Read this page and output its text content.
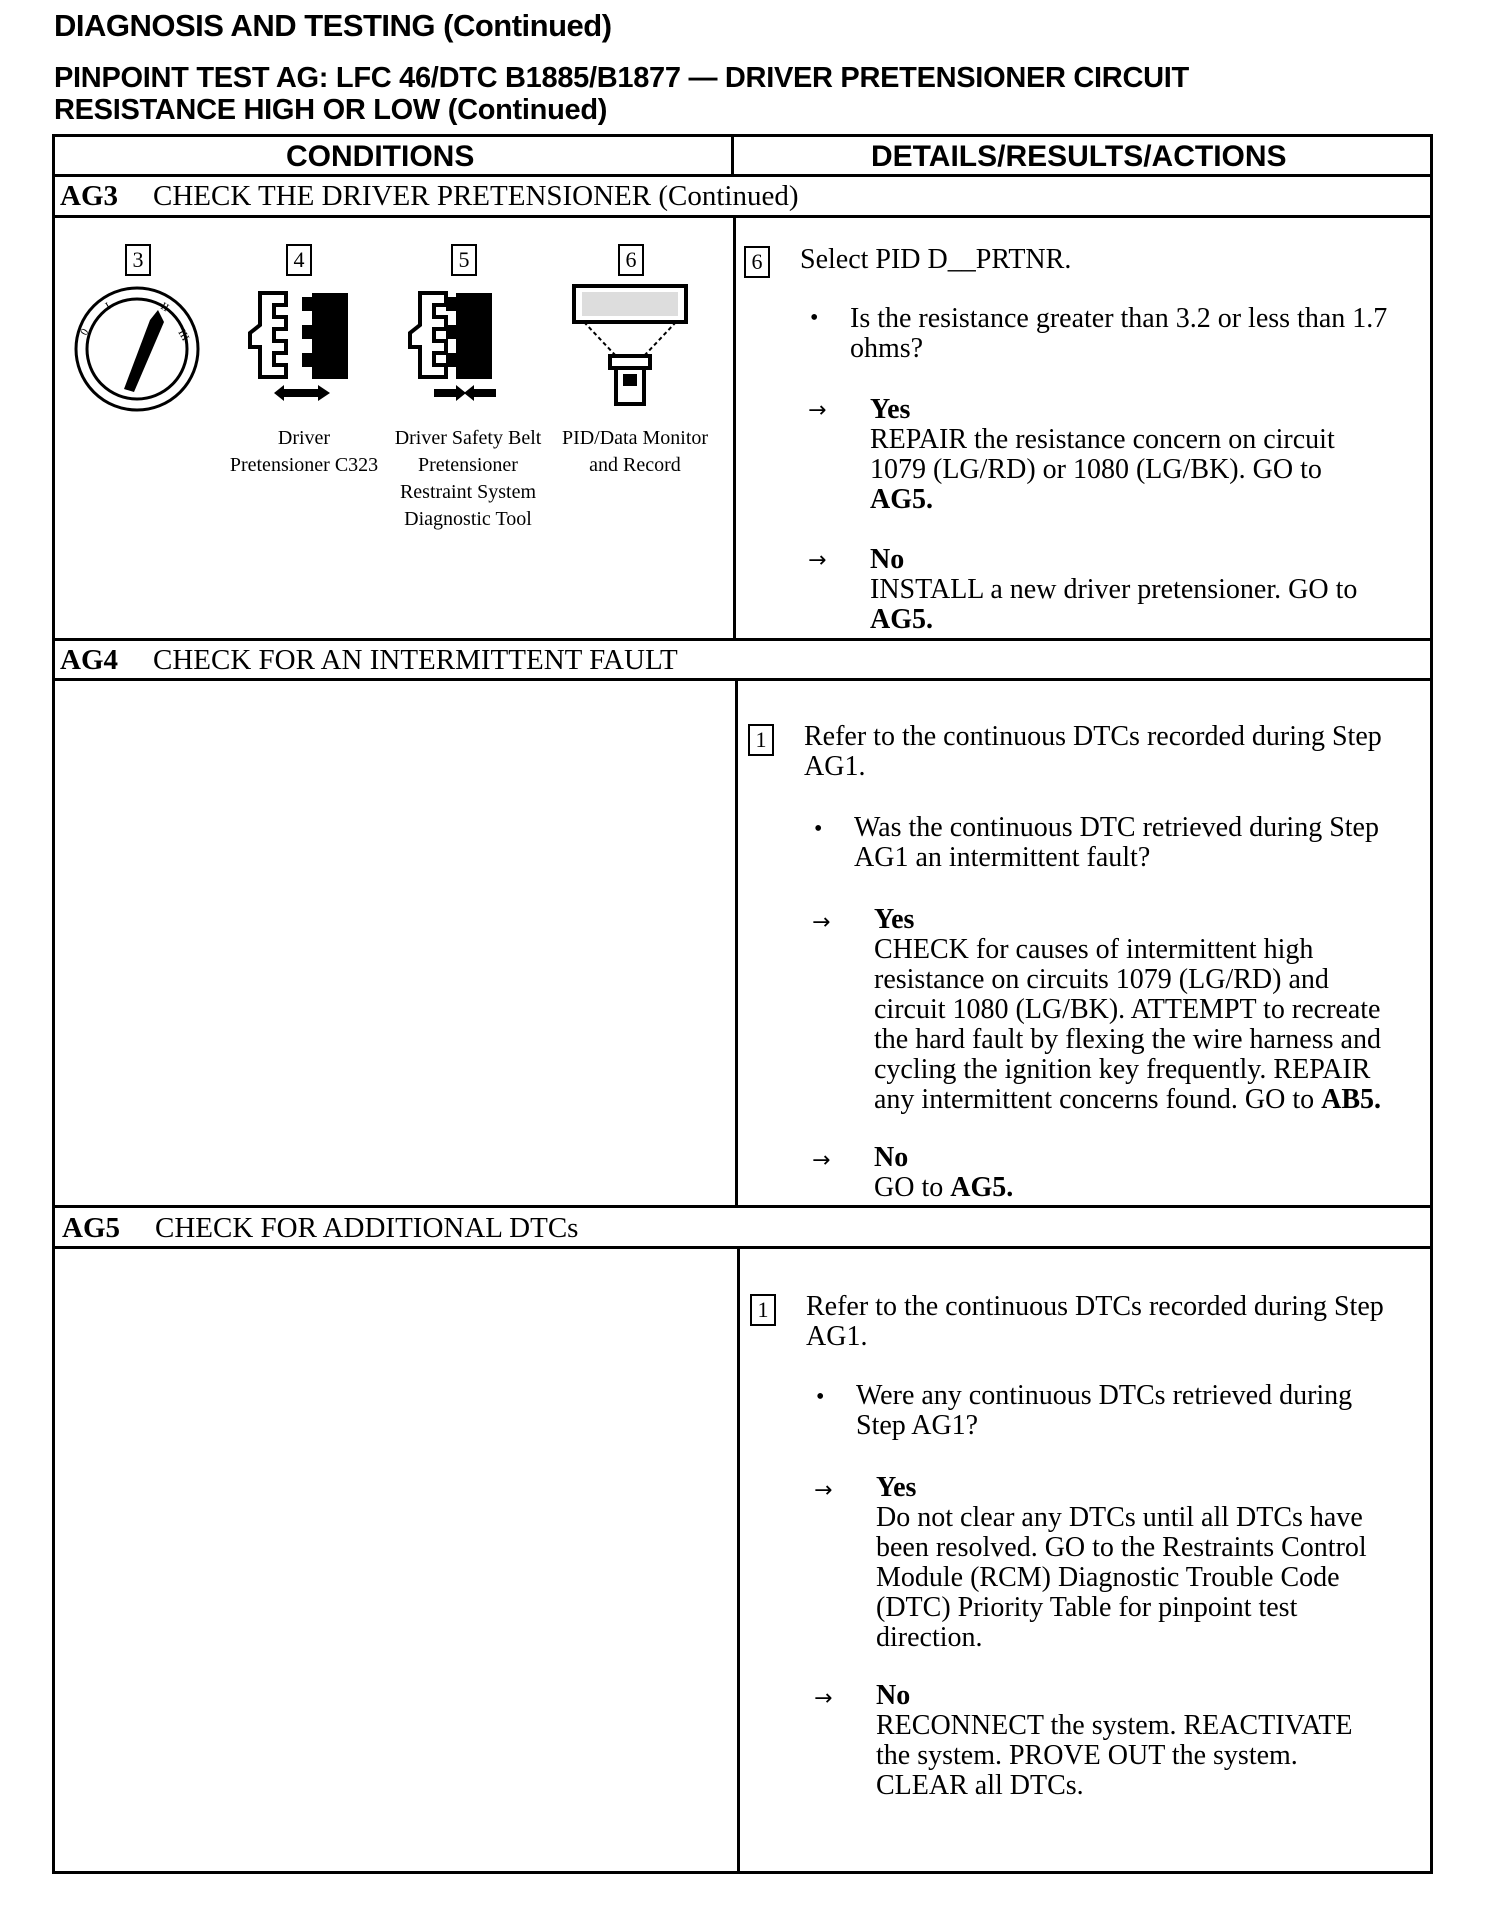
DIAGNOSIS AND TESTING (Continued)
PINPOINT TEST AG: LFC 46/DTC B1885/B1877 — DRIVER PRETENSIONER CIRCUIT
RESISTANCE HIGH OR LOW (Continued)
CONDITIONS	DETAILS/RESULTS/ACTIONS
AG3 CHECK THE DRIVER PRETENSIONER (Continued)
3	4	5	6
0
I	II
III
Driver
Pretensioner C323
Driver Safety Belt
Pretensioner
Restraint System
Diagnostic Tool
PID/Data Monitor
and Record
6 Select PID D__PRTNR.
• Is the resistance greater than 3.2 or less than 1.7
ohms?
→ Yes
REPAIR the resistance concern on circuit
1079 (LG/RD) or 1080 (LG/BK). GO to
AG5.
→ No
INSTALL a new driver pretensioner. GO to
AG5.
AG4 CHECK FOR AN INTERMITTENT FAULT
1 Refer to the continuous DTCs recorded during Step
AG1.
• Was the continuous DTC retrieved during Step
AG1 an intermittent fault?
→ Yes
CHECK for causes of intermittent high
resistance on circuits 1079 (LG/RD) and
circuit 1080 (LG/BK). ATTEMPT to recreate
the hard fault by flexing the wire harness and
cycling the ignition key frequently. REPAIR
any intermittent concerns found. GO to AB5.
→ No
GO to AG5.
AG5 CHECK FOR ADDITIONAL DTCs
1 Refer to the continuous DTCs recorded during Step
AG1.
• Were any continuous DTCs retrieved during
Step AG1?
→ Yes
Do not clear any DTCs until all DTCs have
been resolved. GO to the Restraints Control
Module (RCM) Diagnostic Trouble Code
(DTC) Priority Table for pinpoint test
direction.
→ No
RECONNECT the system. REACTIVATE
the system. PROVE OUT the system.
CLEAR all DTCs.
